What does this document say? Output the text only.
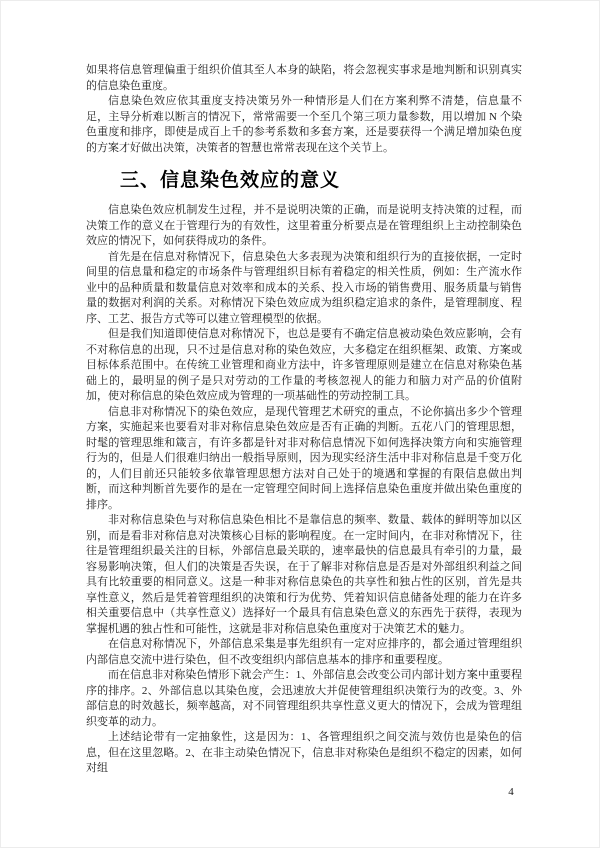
如果将信息管理偏重于组织价值其至人本身的缺陷，将会忽视实事求是地判断和识别真实的信息染色重度。

信息染色效应依其重度支持决策另外一种情形是人们在方案利弊不清楚，信息量不足，主导分析难以断言的情况下，常常需要一个至几个第三项力量参数，用以增加 N 个染色重度和排序，即使是成百上千的参考系数和多套方案，还是要获得一个满足增加染色度的方案才好做出决策，决策者的智慧也常常表现在这个关节上。

三、信息染色效应的意义

信息染色效应机制发生过程，并不是说明决策的正确，而是说明支持决策的过程，而决策工作的意义在于管理行为的有效性，这里着重分析要点是在管理组织上主动控制染色效应的情况下，如何获得成功的条件。

首先是在信息对称情况下，信息染色大多表现为决策和组织行为的直接依据，一定时间里的信息量和稳定的市场条件与管理组织目标有着稳定的相关性质，例如：生产流水作业中的品种质量和数量信息对效率和成本的关系、投入市场的销售费用、服务质量与销售量的数据对利润的关系。对称情况下染色效应成为组织稳定追求的条件，是管理制度、程序、工艺、报告方式等可以建立管理模型的依据。

但是我们知道即使信息对称情况下，也总是要有不确定信息被动染色效应影响，会有不对称信息的出现，只不过是信息对称的染色效应，大多稳定在组织框架、政策、方案或目标体系范围中。在传统工业管理和商业方法中，许多管理原则是建立在信息对称染色基础上的，最明显的例子是只对劳动的工作量的考核忽视人的能力和脑力对产品的价值附加，使对称信息的染色效应成为管理的一项基础性的劳动控制工具。

信息非对称情况下的染色效应，是现代管理艺术研究的重点，不论你搞出多少个管理方案，实施起来也要看对非对称信息染色效应是否有正确的判断。五花八门的管理思想，时髦的管理思维和箴言，有许多都是针对非对称信息情况下如何选择决策方向和实施管理行为的，但是人们很难归纳出一般指导原则，因为现实经济生活中非对称信息是千变万化的，人们目前还只能较多依靠管理思想方法对自己处于的境遇和掌握的有限信息做出判断，而这种判断首先要作的是在一定管理空间时间上选择信息染色重度并做出染色重度的排序。

非对称信息染色与对称信息染色相比不是靠信息的频率、数量、载体的鲜明等加以区别，而是看非对称信息对决策核心目标的影响程度。在一定时间内，在非对称情况下，往往是管理组织最关注的目标，外部信息最关联的，速率最快的信息最具有牵引的力量，最容易影响决策，但人们的决策是否失误，在于了解非对称信息是否是对外部组织利益之间具有比较重要的相同意义。这是一种非对称信息染色的共享性和独占性的区别，首先是共享性意义，然后是凭着管理组织的决策和行为优势、凭着知识信息储备处理的能力在许多相关重要信息中（共享性意义）选择好一个最具有信息染色意义的东西先于获得，表现为掌握机遇的独占性和可能性，这就是非对称信息染色重度对于决策艺术的魅力。

在信息对称情况下，外部信息采集是事先组织有一定对应排序的，都会通过管理组织内部信息交流中进行染色，但不改变组织内部信息基本的排序和重要程度。

而在信息非对称染色情形下就会产生：1、外部信息会改变公司内部计划方案中重要程序的排序。2、外部信息以其染色度，会迅速放大并促使管理组织决策行为的改变。3、外部信息的时效越长，频率越高，对不同管理组织共享性意义更大的情况下，会成为管理组织变革的动力。

上述结论带有一定抽象性，这是因为：1、各管理组织之间交流与效仿也是染色的信息，但在这里忽略。2、在非主动染色情况下，信息非对称染色是组织不稳定的因素，如何对组

4
